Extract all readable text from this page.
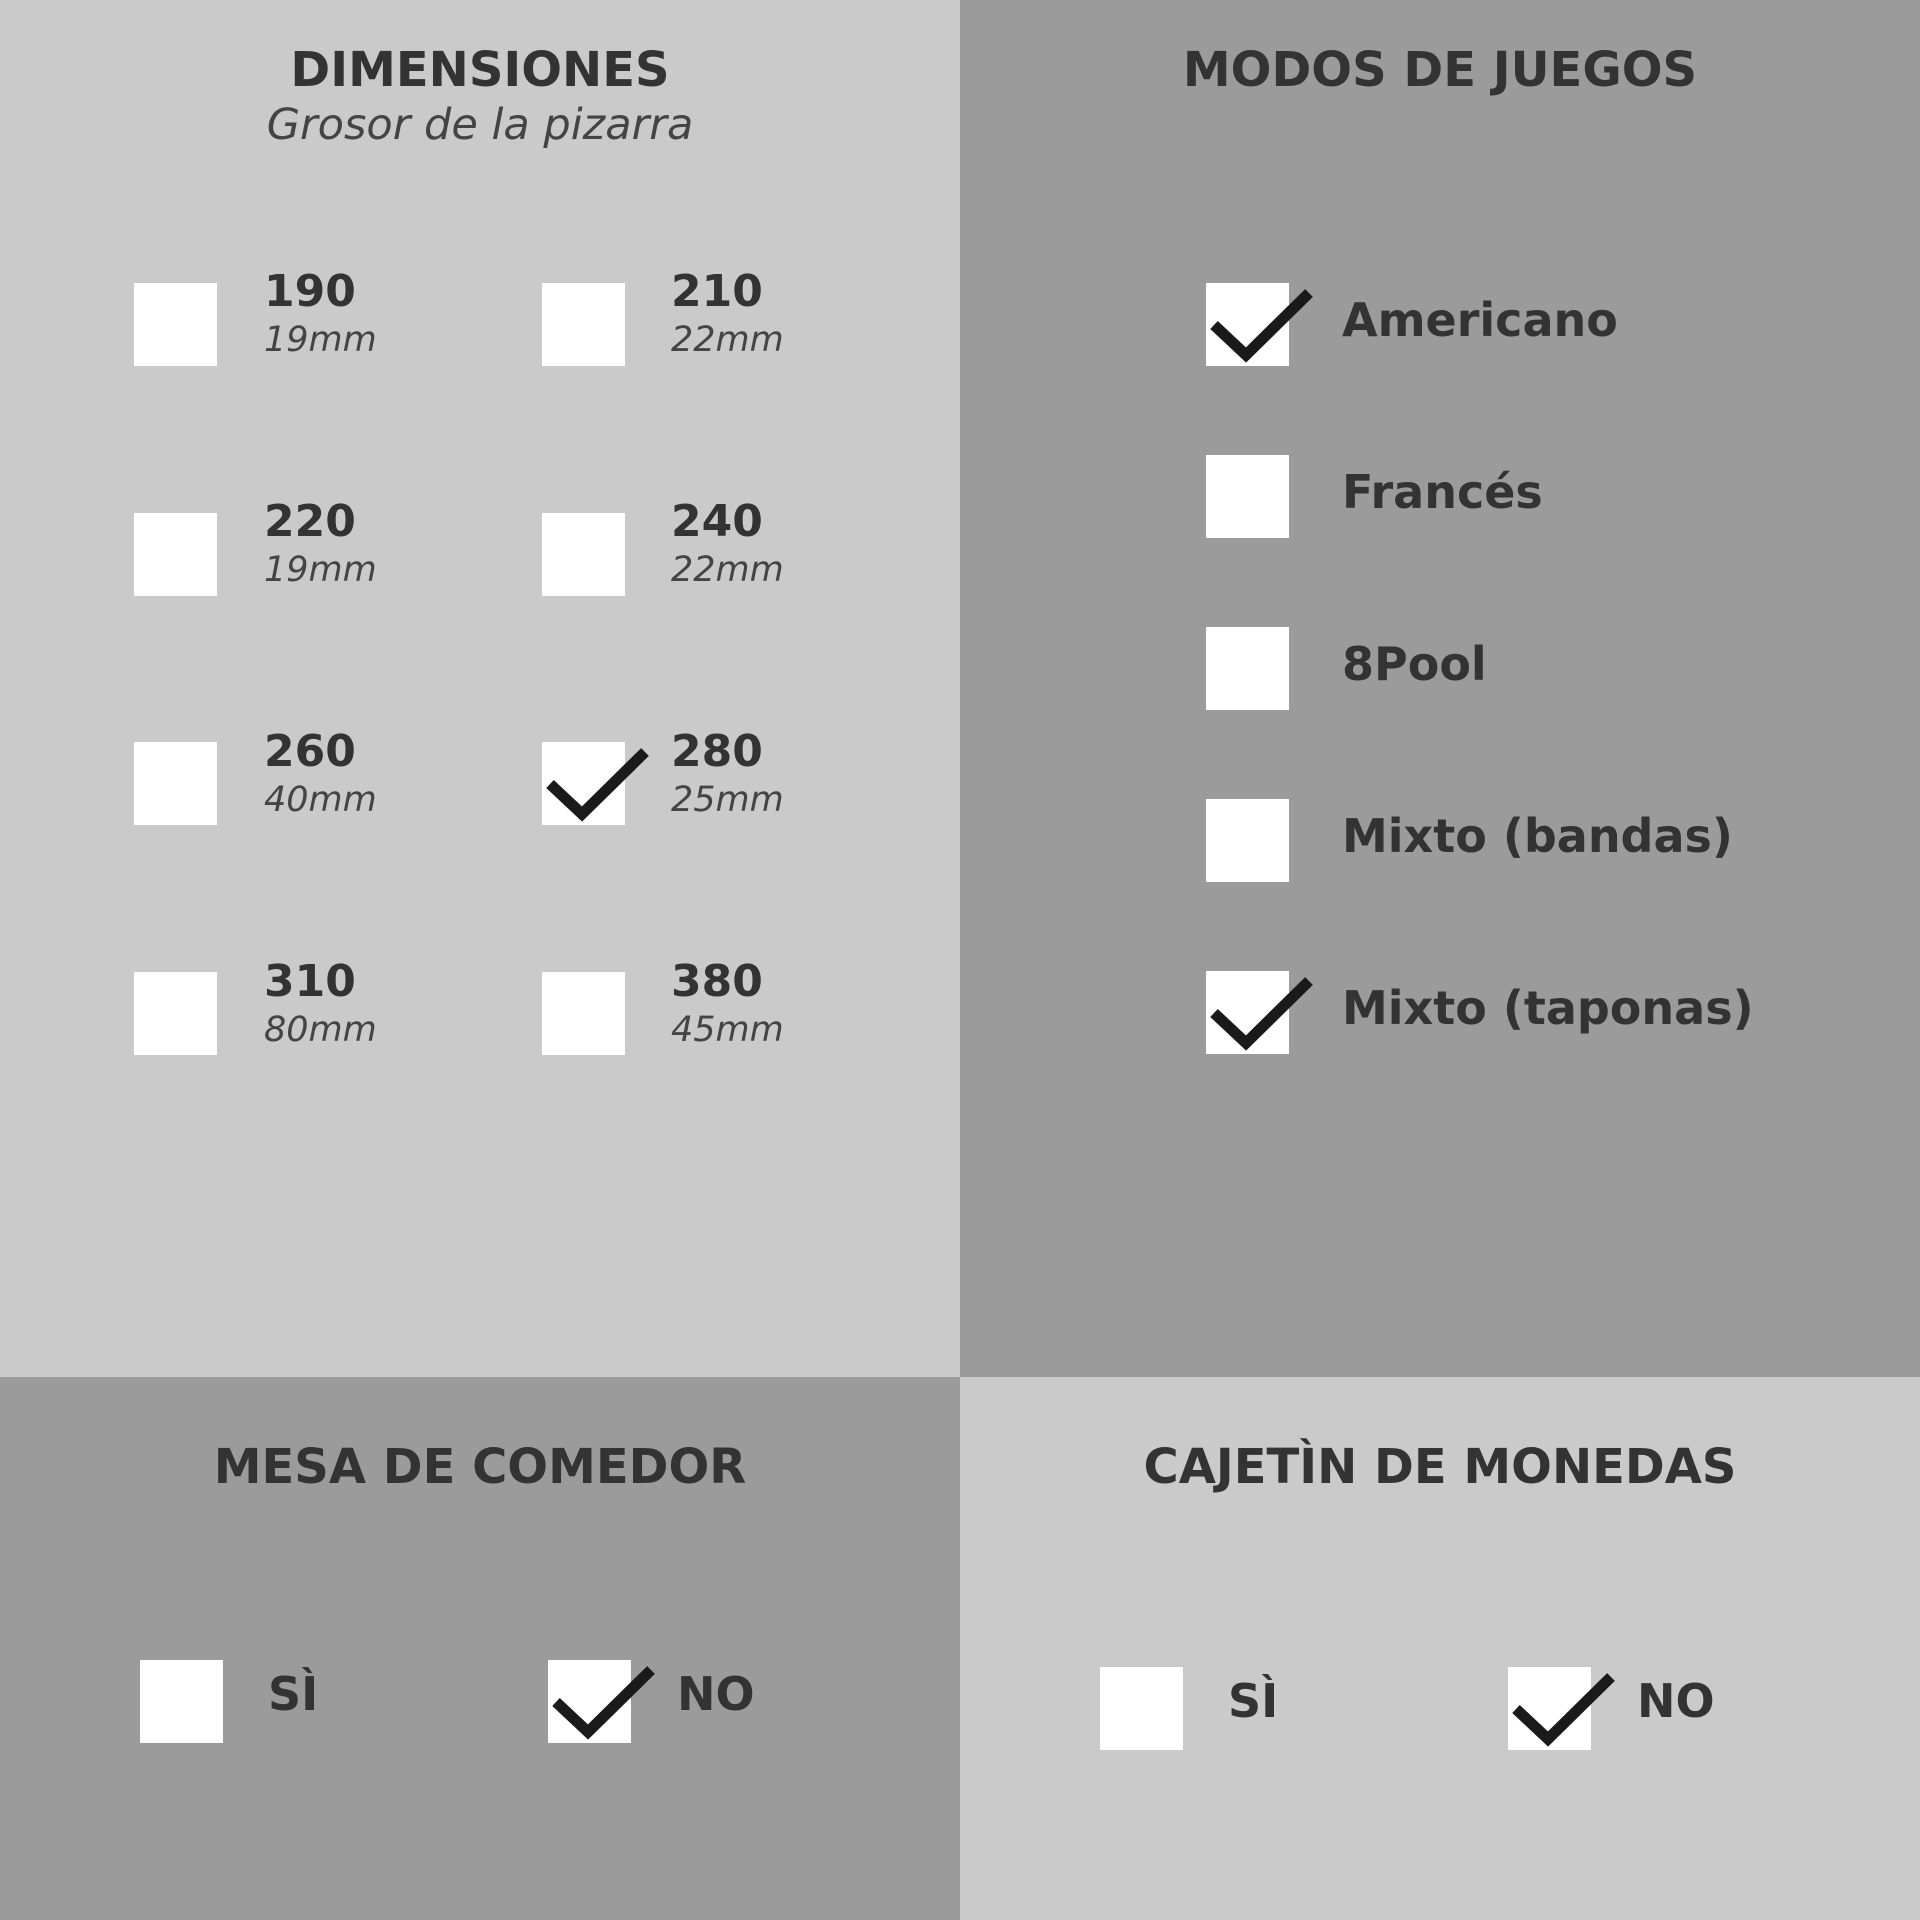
DIMENSIONES
Grosor de la pizarra
190
19mm
210
22mm
220
19mm
240
22mm
260
40mm
280
25mm
310
80mm
380
45mm
MODOS DE JUEGOS
Americano
Francés
8Pool
Mixto (bandas)
Mixto (taponas)
MESA DE COMEDOR
SÌ	NO
CAJETÌN DE MONEDAS
SÌ	NO
